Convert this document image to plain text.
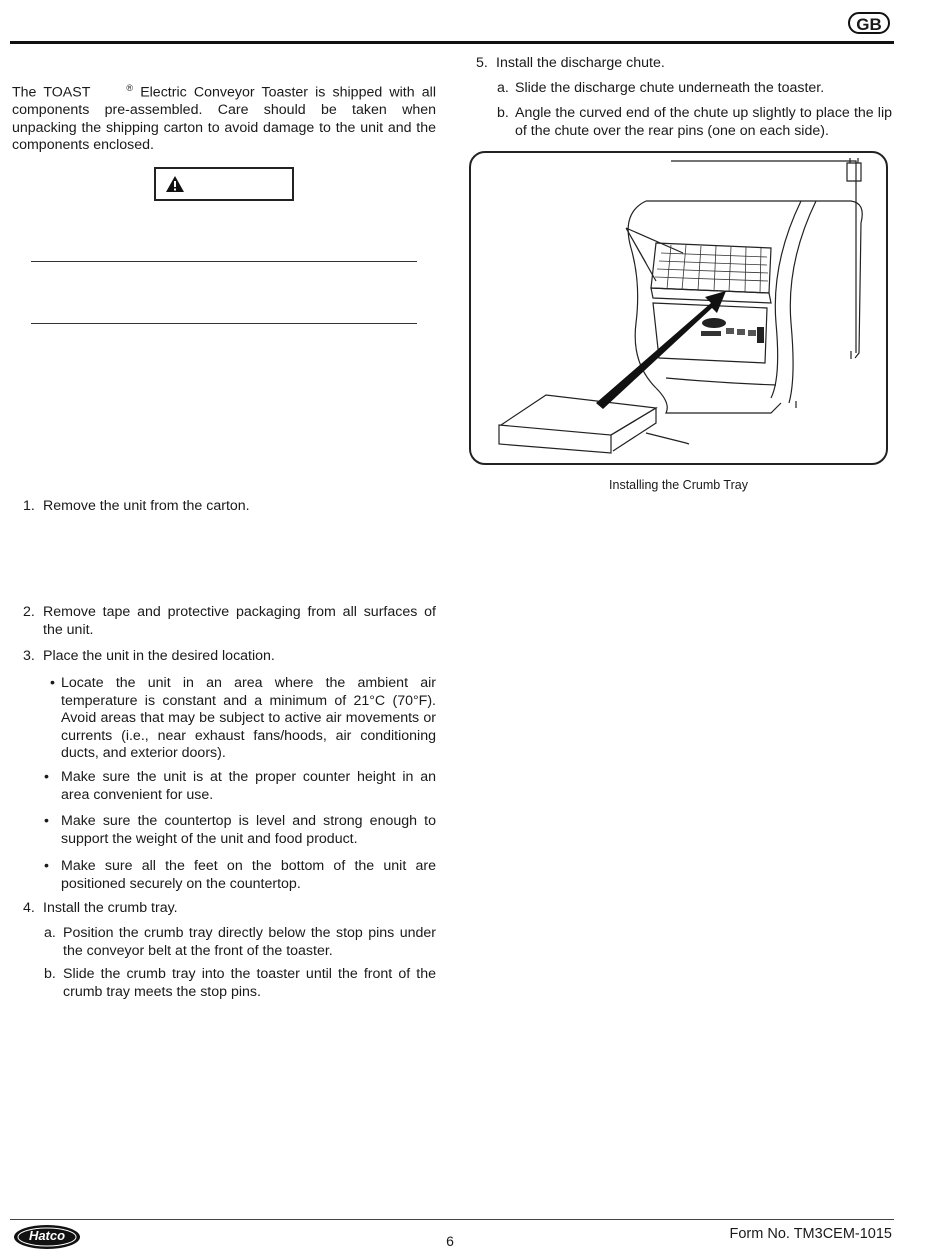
GB

The TOAST	® Electric Conveyor Toaster is shipped with all components pre-assembled. Care should be taken when unpacking the shipping carton to avoid damage to the unit and the components enclosed.

1. Remove the unit from the carton.
2. Remove tape and protective packaging from all surfaces of the unit.
3. Place the unit in the desired location.
• Locate the unit in an area where the ambient air temperature is constant and a minimum of 21°C (70°F). Avoid areas that may be subject to active air movements or currents (i.e., near exhaust fans/hoods, air conditioning ducts, and exterior doors).
• Make sure the unit is at the proper counter height in an area convenient for use.
• Make sure the countertop is level and strong enough to support the weight of the unit and food product.
• Make sure all the feet on the bottom of the unit are positioned securely on the countertop.
4. Install the crumb tray.
a. Position the crumb tray directly below the stop pins under the conveyor belt at the front of the toaster.
b. Slide the crumb tray into the toaster until the front of the crumb tray meets the stop pins.
5. Install the discharge chute.
a. Slide the discharge chute underneath the toaster.
b. Angle the curved end of the chute up slightly to place the lip of the chute over the rear pins (one on each side).
Installing the Crumb Tray
Hatco	6	Form No. TM3CEM-1015
